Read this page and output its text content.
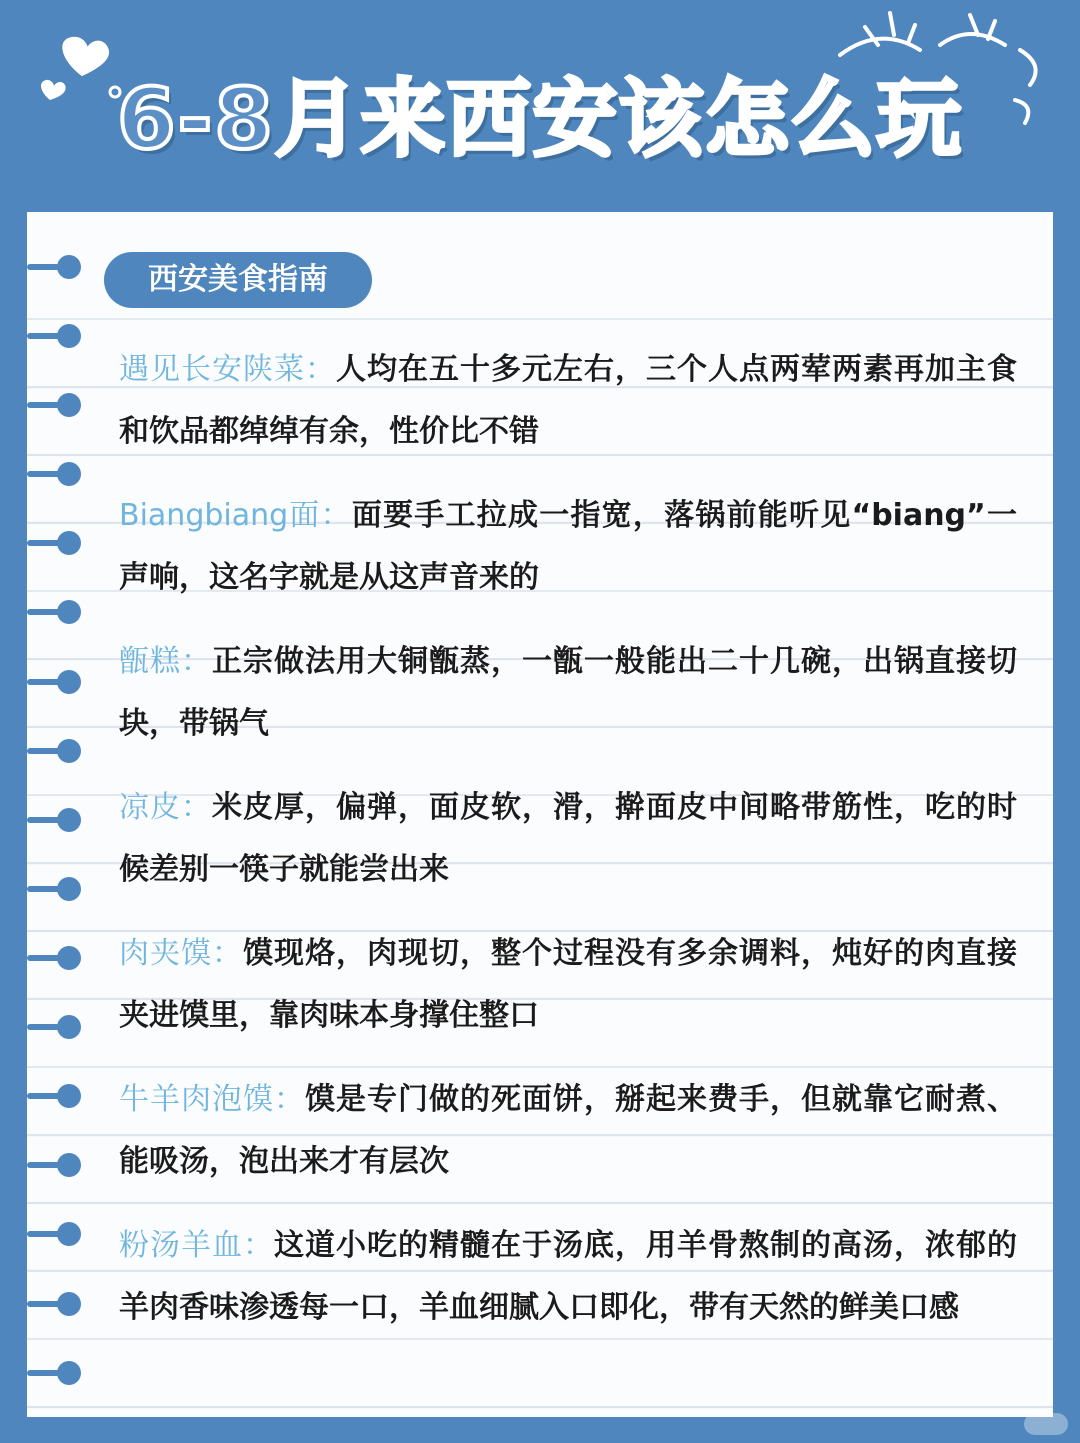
6-8月来西安该怎么玩
西安美食指南
遇见长安陕菜：人均在五十多元左右，三个人点两荤两素再加主食和饮品都绰绰有余，性价比不错
Biangbiang面：面要手工拉成一指宽，落锅前能听见“biang”一声响，这名字就是从这声音来的
甑糕：正宗做法用大铜甑蒸，一甑一般能出二十几碗，出锅直接切块，带锅气
凉皮：米皮厚，偏弹，面皮软，滑，擀面皮中间略带筋性，吃的时候差别一筷子就能尝出来
肉夹馍：馍现烙，肉现切，整个过程没有多余调料，炖好的肉直接夹进馍里，靠肉味本身撑住整口
牛羊肉泡馍：馍是专门做的死面饼，掰起来费手，但就靠它耐煮、能吸汤，泡出来才有层次
粉汤羊血：这道小吃的精髓在于汤底，用羊骨熬制的高汤，浓郁的羊肉香味渗透每一口，羊血细腻入口即化，带有天然的鲜美口感
